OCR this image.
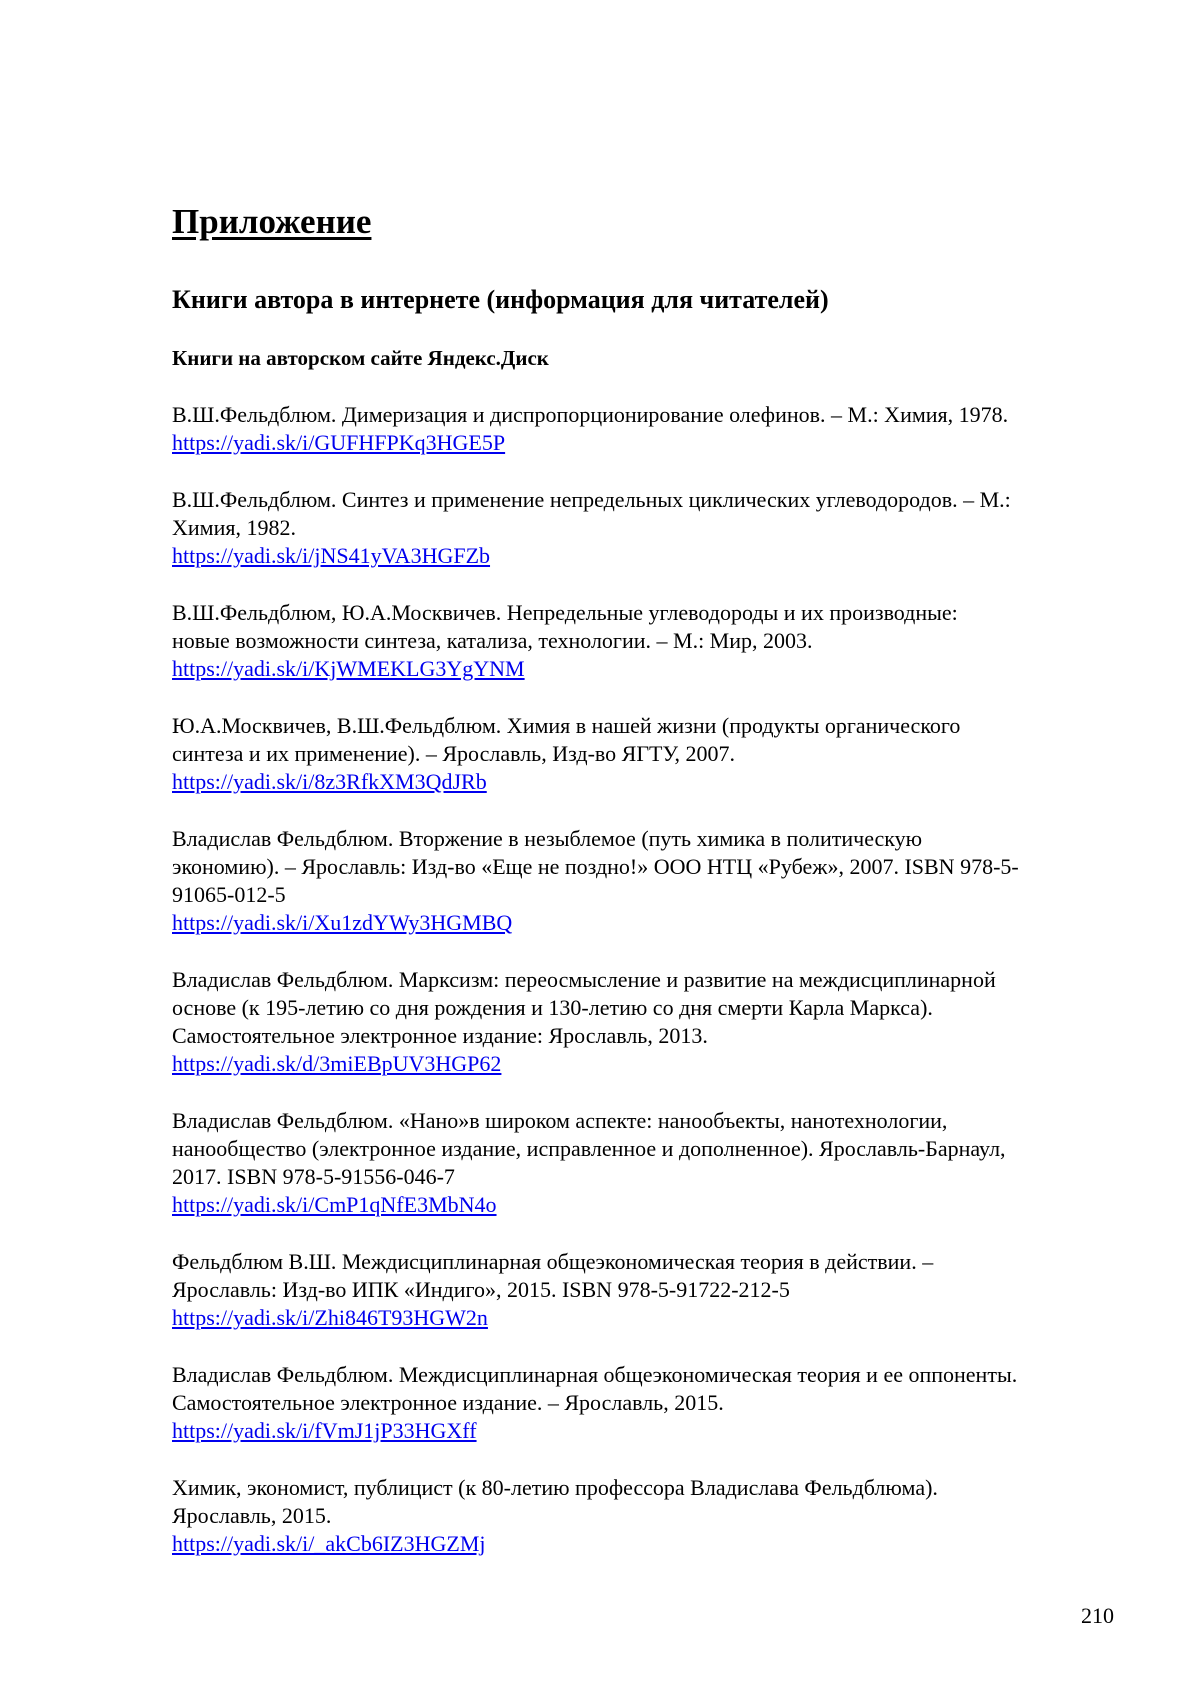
Приложение
Книги автора в интернете (информация для читателей)
Книги на авторском сайте Яндекс.Диск
В.Ш.Фельдблюм. Димеризация и диспропорционирование олефинов. – М.: Химия, 1978.
https://yadi.sk/i/GUFHFPKq3HGE5P
В.Ш.Фельдблюм. Синтез и применение непредельных циклических углеводородов. – М.:
Химия, 1982.
https://yadi.sk/i/jNS41yVA3HGFZb
В.Ш.Фельдблюм, Ю.А.Москвичев. Непредельные углеводороды и их производные:
новые возможности синтеза, катализа, технологии. – М.: Мир, 2003.
https://yadi.sk/i/KjWMEKLG3YgYNM
Ю.А.Москвичев, В.Ш.Фельдблюм. Химия в нашей жизни (продукты органического
синтеза и их применение). – Ярославль, Изд-во ЯГТУ, 2007.
https://yadi.sk/i/8z3RfkXM3QdJRb
Владислав Фельдблюм. Вторжение в незыблемое (путь химика в политическую
экономию). – Ярославль: Изд-во «Еще не поздно!» ООО НТЦ «Рубеж», 2007. ISBN 978-5-
91065-012-5
https://yadi.sk/i/Xu1zdYWy3HGMBQ
Владислав Фельдблюм. Марксизм: переосмысление и развитие на междисциплинарной
основе (к 195-летию со дня рождения и 130-летию со дня смерти Карла Маркса).
Самостоятельное электронное издание: Ярославль, 2013.
https://yadi.sk/d/3miEBpUV3HGP62
Владислав Фельдблюм. «Нано»в широком аспекте: нанообъекты, нанотехнологии,
нанообщество (электронное издание, исправленное и дополненное). Ярославль-Барнаул,
2017. ISBN 978-5-91556-046-7
https://yadi.sk/i/CmP1qNfE3MbN4o
Фельдблюм В.Ш. Междисциплинарная общеэкономическая теория в действии. –
Ярославль: Изд-во ИПК «Индиго», 2015. ISBN 978-5-91722-212-5
https://yadi.sk/i/Zhi846T93HGW2n
Владислав Фельдблюм. Междисциплинарная общеэкономическая теория и ее оппоненты.
Самостоятельное электронное издание. – Ярославль, 2015.
https://yadi.sk/i/fVmJ1jP33HGXff
Химик, экономист, публицист (к 80-летию профессора Владислава Фельдблюма).
Ярославль, 2015.
https://yadi.sk/i/_akCb6IZ3HGZMj
210
